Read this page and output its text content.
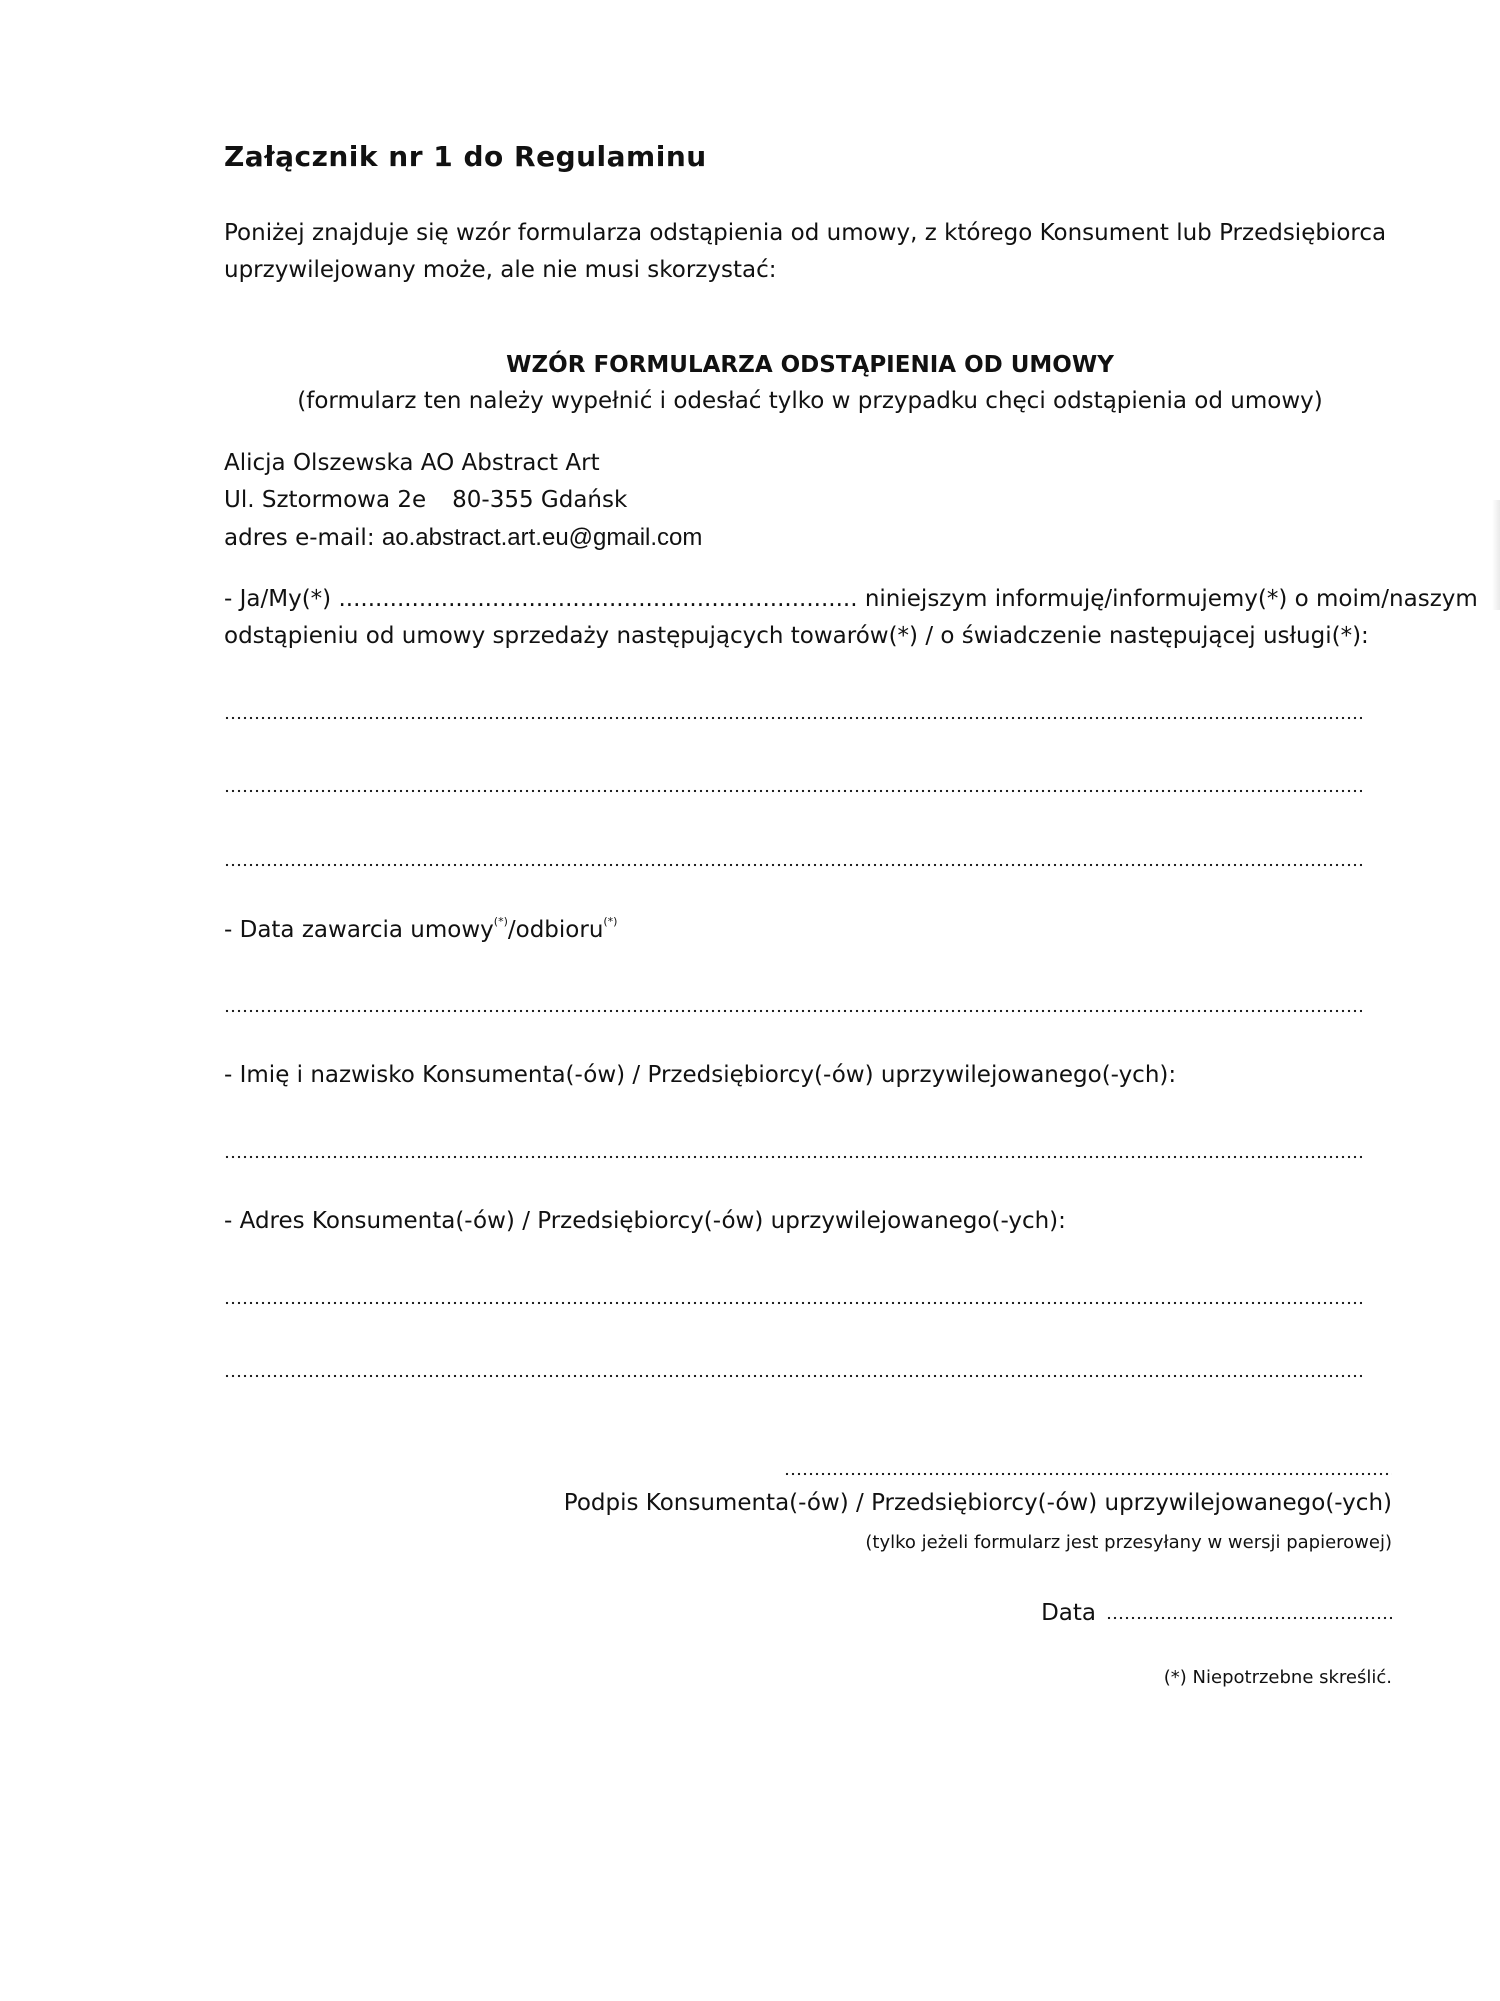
Załącznik nr 1 do Regulaminu
Poniżej znajduje się wzór formularza odstąpienia od umowy, z którego Konsument lub Przedsiębiorca
uprzywilejowany może, ale nie musi skorzystać:
WZÓR FORMULARZA ODSTĄPIENIA OD UMOWY
(formularz ten należy wypełnić i odesłać tylko w przypadku chęci odstąpienia od umowy)
Alicja Olszewska AO Abstract Art
Ul. Sztormowa 2e 80-355 Gdańsk
adres e-mail: ao.abstract.art.eu@gmail.com
- Ja/My(*) ....................................................................... niniejszym informuję/informujemy(*) o moim/naszym
odstąpieniu od umowy sprzedaży następujących towarów(*) / o świadczenie następującej usługi(*):
- Data zawarcia umowy(*)/odbioru(*)
- Imię i nazwisko Konsumenta(-ów) / Przedsiębiorcy(-ów) uprzywilejowanego(-ych):
- Adres Konsumenta(-ów) / Przedsiębiorcy(-ów) uprzywilejowanego(-ych):
Podpis Konsumenta(-ów) / Przedsiębiorcy(-ów) uprzywilejowanego(-ych)
(tylko jeżeli formularz jest przesyłany w wersji papierowej)
Data
(*) Niepotrzebne skreślić.
